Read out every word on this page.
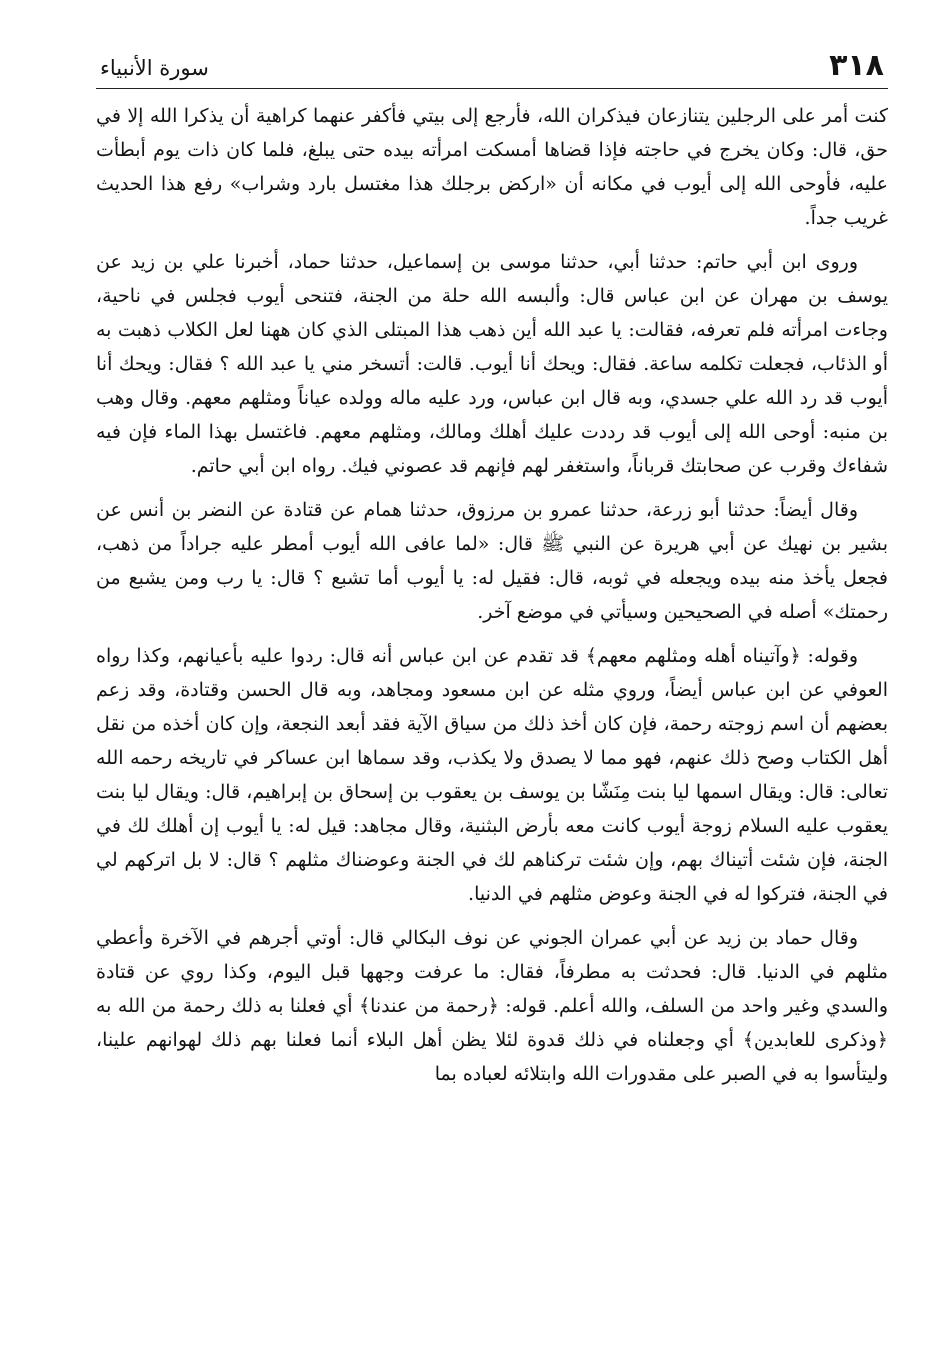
٣١٨
سورة الأنبياء

كنت أمر على الرجلين يتنازعان فيذكران الله، فأرجع إلى بيتي فأكفر عنهما كراهية أن يذكرا الله إلا في حق، قال: وكان يخرج في حاجته فإذا قضاها أمسكت امرأته بيده حتى يبلغ، فلما كان ذات يوم أبطأت عليه، فأوحى الله إلى أيوب في مكانه أن «اركض برجلك هذا مغتسل بارد وشراب» رفع هذا الحديث غريب جداً.

وروى ابن أبي حاتم: حدثنا أبي، حدثنا موسى بن إسماعيل، حدثنا حماد، أخبرنا علي بن زيد عن يوسف بن مهران عن ابن عباس قال: وألبسه الله حلة من الجنة، فتنحى أيوب فجلس في ناحية، وجاءت امرأته فلم تعرفه، فقالت: يا عبد الله أين ذهب هذا المبتلى الذي كان ههنا لعل الكلاب ذهبت به أو الذئاب، فجعلت تكلمه ساعة. فقال: ويحك أنا أيوب. قالت: أتسخر مني يا عبد الله ؟ فقال: ويحك أنا أيوب قد رد الله علي جسدي، وبه قال ابن عباس، ورد عليه ماله وولده عياناً ومثلهم معهم. وقال وهب بن منبه: أوحى الله إلى أيوب قد رددت عليك أهلك ومالك، ومثلهم معهم. فاغتسل بهذا الماء فإن فيه شفاءك وقرب عن صحابتك قرباناً، واستغفر لهم فإنهم قد عصوني فيك. رواه ابن أبي حاتم.

وقال أيضاً: حدثنا أبو زرعة، حدثنا عمرو بن مرزوق، حدثنا همام عن قتادة عن النضر بن أنس عن بشير بن نهيك عن أبي هريرة عن النبي ﷺ قال: «لما عافى الله أيوب أمطر عليه جراداً من ذهب، فجعل يأخذ منه بيده ويجعله في ثوبه، قال: فقيل له: يا أيوب أما تشبع ؟ قال: يا رب ومن يشبع من رحمتك» أصله في الصحيحين وسيأتي في موضع آخر.

وقوله: ﴿وآتيناه أهله ومثلهم معهم﴾ قد تقدم عن ابن عباس أنه قال: ردوا عليه بأعيانهم، وكذا رواه العوفي عن ابن عباس أيضاً، وروي مثله عن ابن مسعود ومجاهد، وبه قال الحسن وقتادة، وقد زعم بعضهم أن اسم زوجته رحمة، فإن كان أخذ ذلك من سياق الآية فقد أبعد النجعة، وإن كان أخذه من نقل أهل الكتاب وصح ذلك عنهم، فهو مما لا يصدق ولا يكذب، وقد سماها ابن عساكر في تاريخه رحمه الله تعالى: قال: ويقال اسمها ليا بنت مِنَشّا بن يوسف بن يعقوب بن إسحاق بن إبراهيم، قال: ويقال ليا بنت يعقوب عليه السلام زوجة أيوب كانت معه بأرض البثنية، وقال مجاهد: قيل له: يا أيوب إن أهلك لك في الجنة، فإن شئت أتيناك بهم، وإن شئت تركناهم لك في الجنة وعوضناك مثلهم ؟ قال: لا بل اتركهم لي في الجنة، فتركوا له في الجنة وعوض مثلهم في الدنيا.

وقال حماد بن زيد عن أبي عمران الجوني عن نوف البكالي قال: أوتي أجرهم في الآخرة وأعطي مثلهم في الدنيا. قال: فحدثت به مطرفاً، فقال: ما عرفت وجهها قبل اليوم، وكذا روي عن قتادة والسدي وغير واحد من السلف، والله أعلم. قوله: ﴿رحمة من عندنا﴾ أي فعلنا به ذلك رحمة من الله به ﴿وذكرى للعابدين﴾ أي وجعلناه في ذلك قدوة لئلا يظن أهل البلاء أنما فعلنا بهم ذلك لهوانهم علينا، وليتأسوا به في الصبر على مقدورات الله وابتلائه لعباده بما
